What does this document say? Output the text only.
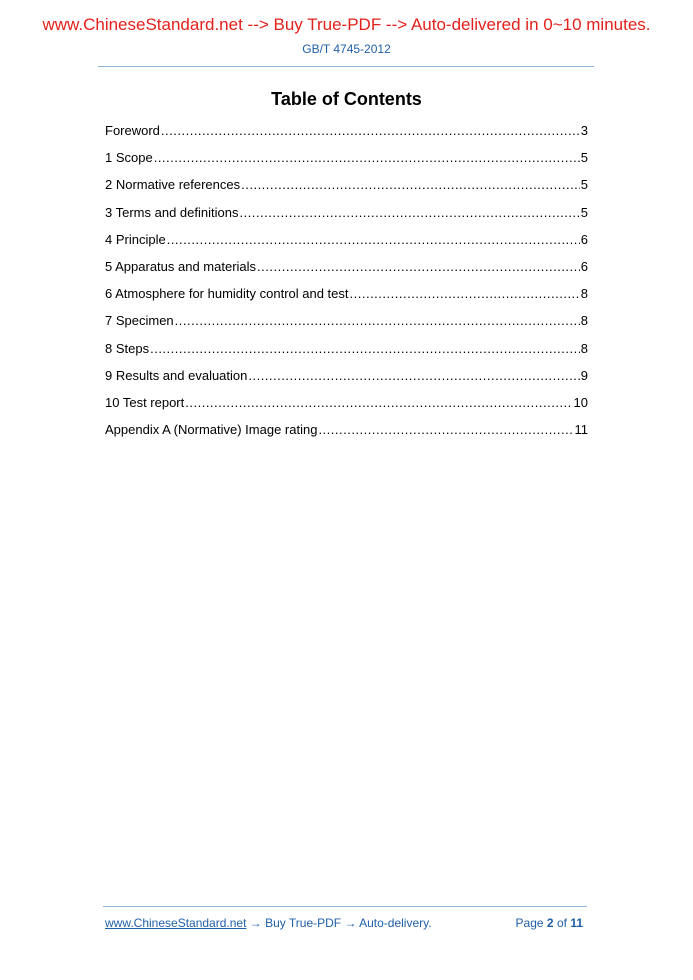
www.ChineseStandard.net --> Buy True-PDF --> Auto-delivered in 0~10 minutes.
GB/T 4745-2012
Table of Contents
Foreword .....	3
1 Scope .....	5
2 Normative references .....	5
3 Terms and definitions .....	5
4 Principle .....	6
5 Apparatus and materials .....	6
6 Atmosphere for humidity control and test .....	8
7 Specimen .....	8
8 Steps .....	8
9 Results and evaluation .....	9
10 Test report .....	10
Appendix A (Normative) Image rating .....	11
www.ChineseStandard.net → Buy True-PDF → Auto-delivery.	Page 2 of 11
